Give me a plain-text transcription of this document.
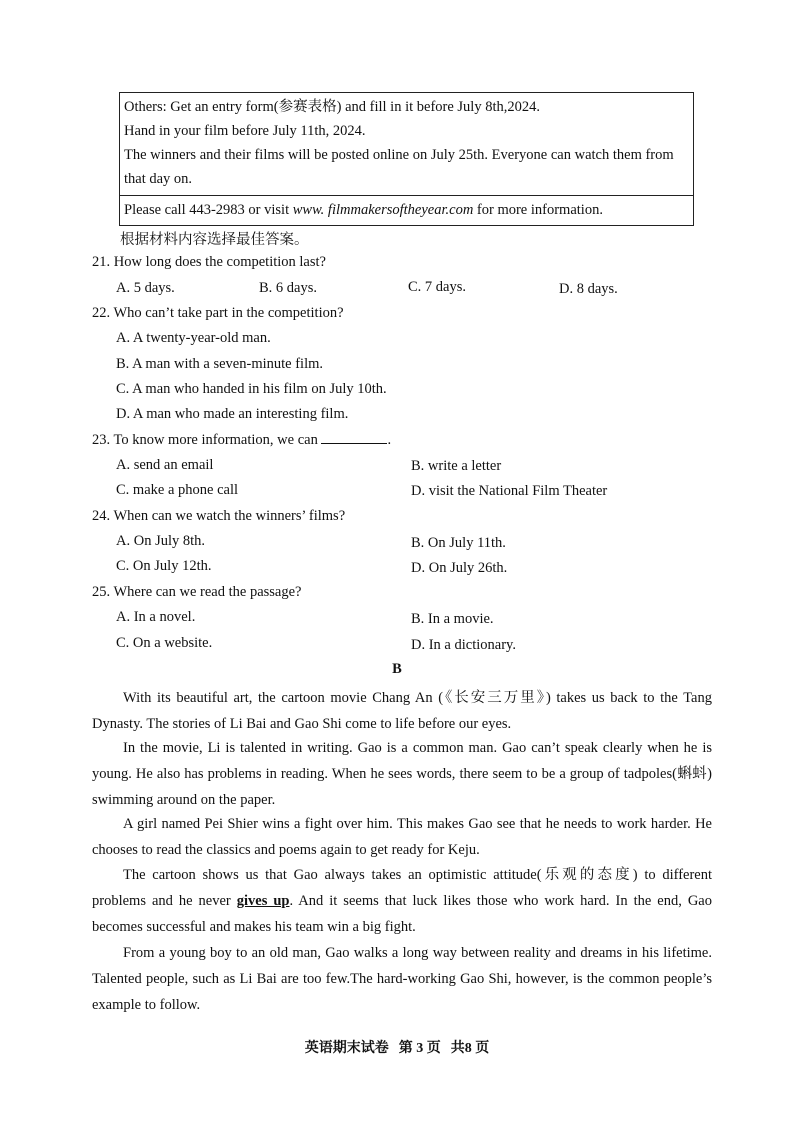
Others: Get an entry form(参赛表格) and fill in it before July 8th,2024.
Hand in your film before July 11th, 2024.
The winners and their films will be posted online on July 25th. Everyone can watch them from that day on.
Please call 443-2983 or visit www. filmmakersoftheyear.com for more information.
根据材料内容选择最佳答案。
21. How long does the competition last?
A. 5 days.	B. 6 days.	C. 7 days.	D. 8 days.
22. Who can’t take part in the competition?
A. A twenty-year-old man.
B. A man with a seven-minute film.
C. A man who handed in his film on July 10th.
D. A man who made an interesting film.
23. To know more information, we can	.
A. send an email	B. write a letter
C. make a phone call	D. visit the National Film Theater
24. When can we watch the winners’ films?
A. On July 8th.	B. On July 11th.
C. On July 12th.	D. On July 26th.
25. Where can we read the passage?
A. In a novel.	B. In a movie.
C. On a website.	D. In a dictionary.
B
With its beautiful art, the cartoon movie Chang An (《长安三万里》) takes us back to the Tang Dynasty. The stories of Li Bai and Gao Shi come to life before our eyes.
In the movie, Li is talented in writing. Gao is a common man. Gao can’t speak clearly when he is young. He also has problems in reading. When he sees words, there seem to be a group of tadpoles(蝌蚪) swimming around on the paper.
A girl named Pei Shier wins a fight over him. This makes Gao see that he needs to work harder. He chooses to read the classics and poems again to get ready for Keju.
The cartoon shows us that Gao always takes an optimistic attitude(乐观的态度) to different problems and he never gives up. And it seems that luck likes those who work hard. In the end, Gao becomes successful and makes his team win a big fight.
From a young boy to an old man, Gao walks a long way between reality and dreams in his lifetime. Talented people, such as Li Bai are too few.The hard-working Gao Shi, however, is the common people’s example to follow.
英语期末试卷 第 3 页 共8 页
